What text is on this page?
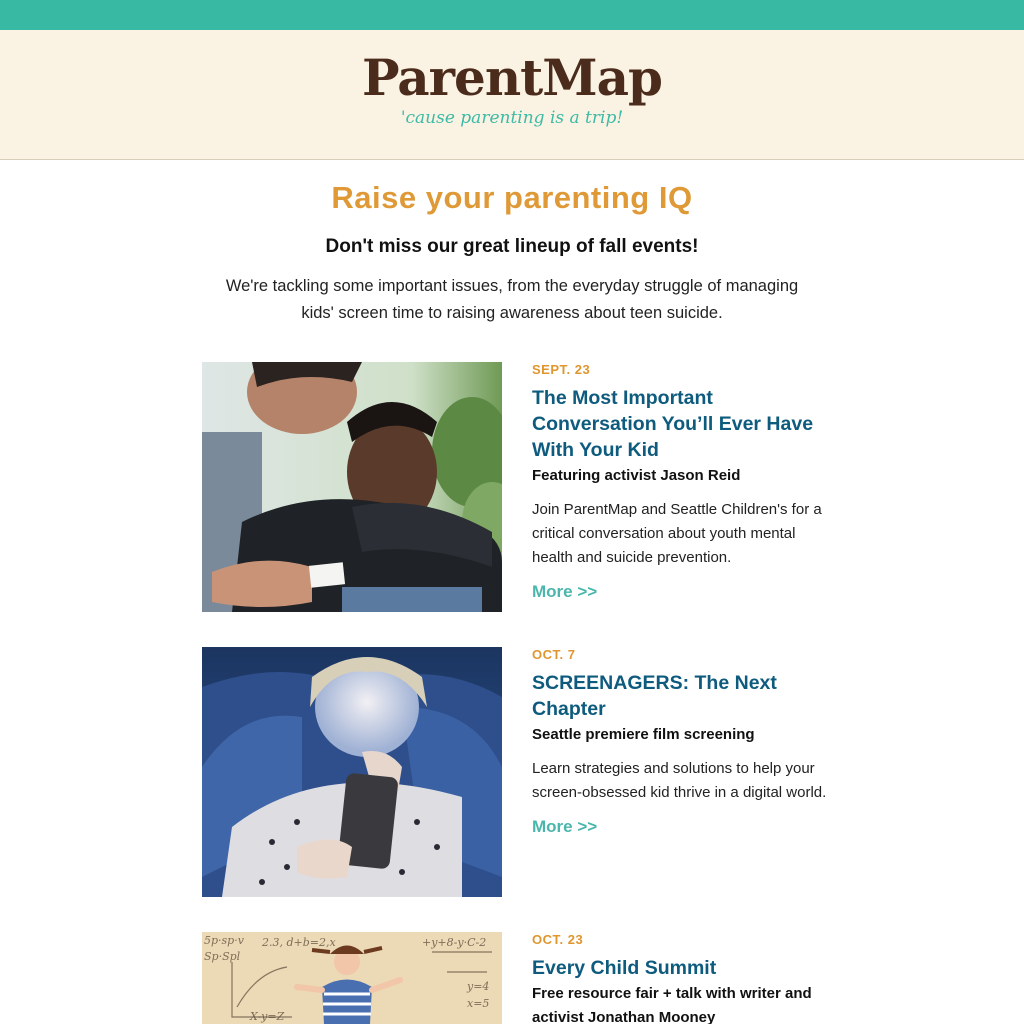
ParentMap
'cause parenting is a trip!
Raise your parenting IQ
Don't miss our great lineup of fall events!
We're tackling some important issues, from the everyday struggle of managing kids' screen time to raising awareness about teen suicide.
SEPT. 23
The Most Important Conversation You’ll Ever Have With Your Kid
Featuring activist Jason Reid
Join ParentMap and Seattle Children's for a critical conversation about youth mental health and suicide prevention.
More >>
OCT. 7
SCREENAGERS: The Next Chapter
Seattle premiere film screening
Learn strategies and solutions to help your screen-obsessed kid thrive in a digital world.
More >>
5p·sp·v
Sp·Spl
2.3, d+b=2,x	+y+8-y·C-2
X-y=Z
y=4
x=5
OCT. 23
Every Child Summit
Free resource fair + talk with writer and activist Jonathan Mooney
